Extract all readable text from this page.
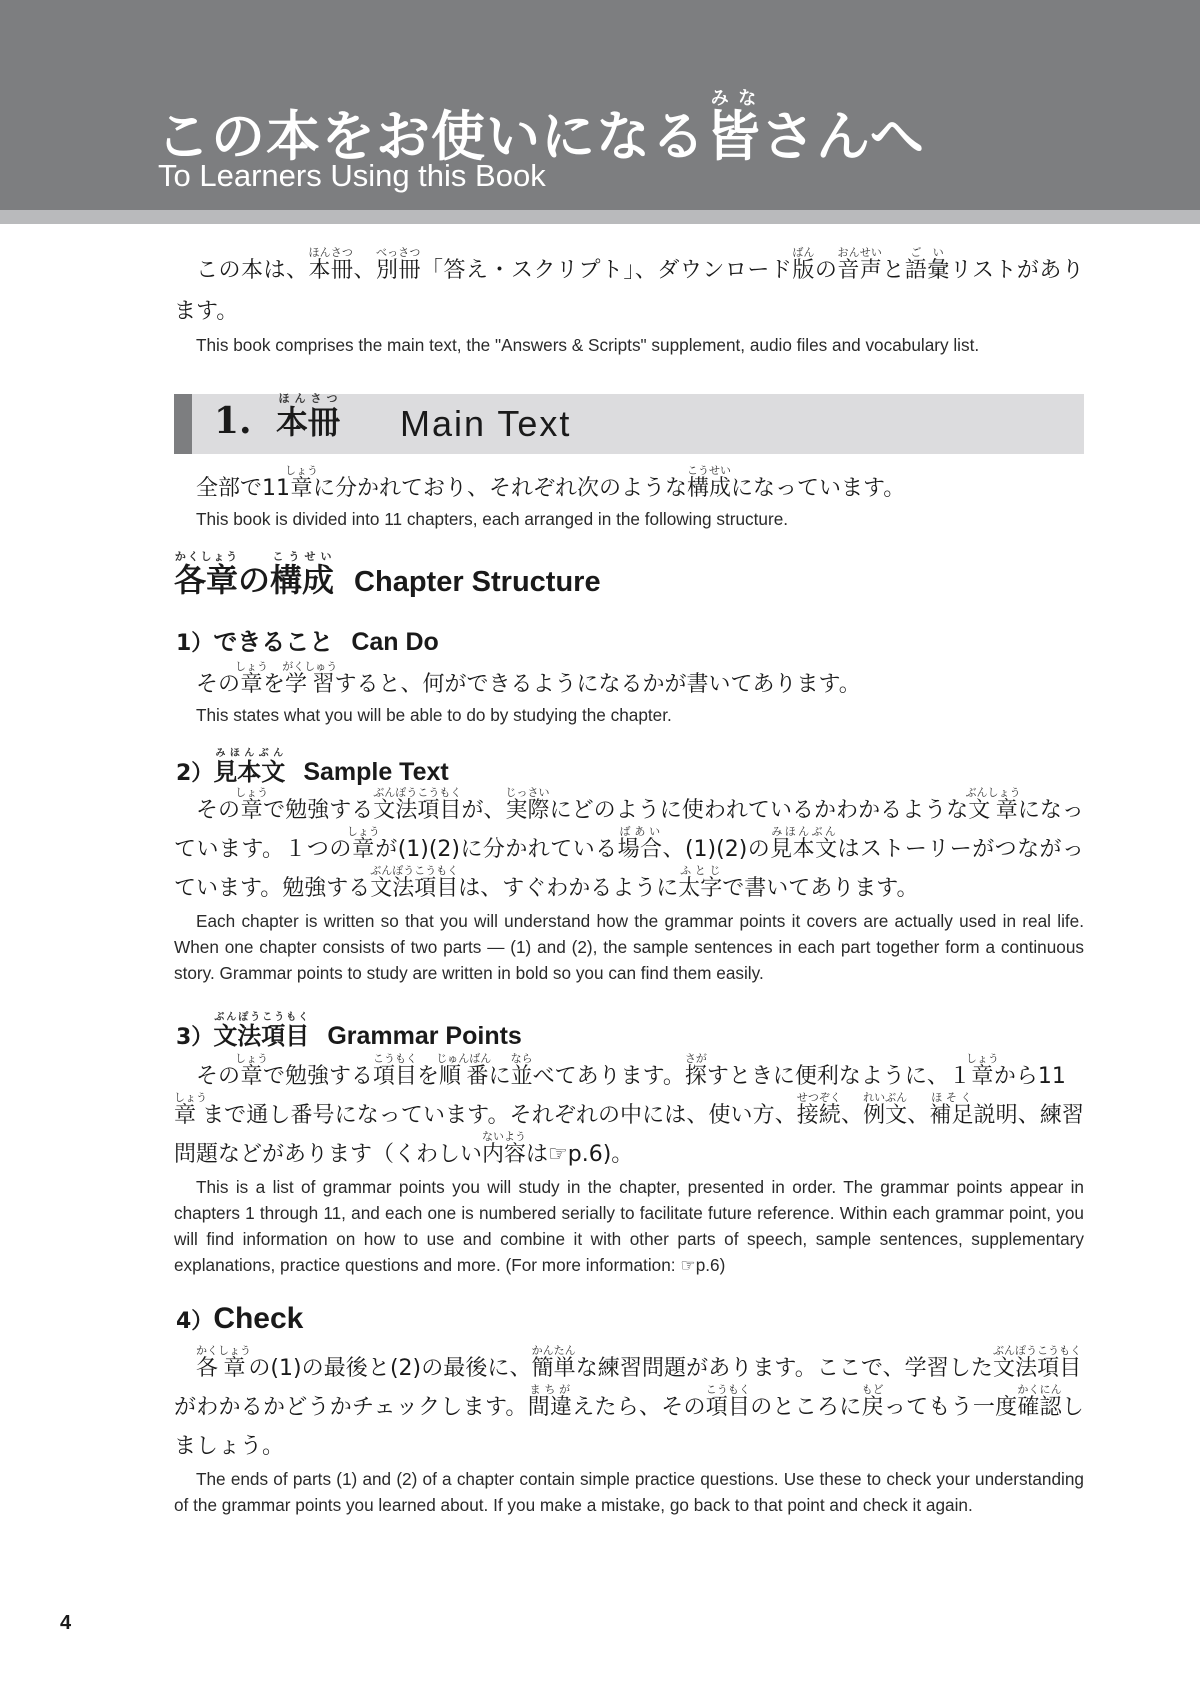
この本をお使いになる皆みなさんへ
To Learners Using this Book

この本は、本冊ほんさつ、別冊べっさつ「答え・スクリプト」、ダウンロード版ばんの音声おんせいと語彙ごいリストがあります。

This book comprises the main text, the "Answers & Scripts" supplement, audio files and vocabulary list.

1. 本冊ほんさつ
Main Text

全部で11章しょうに分かれており、それぞれ次のような構成こうせいになっています。

This book is divided into 11 chapters, each arranged in the following structure.

各章かくしょうの構成こうせいChapter Structure
1）できること Can Do

その章しょうを学習がくしゅうすると、何ができるようになるかが書いてあります。

This states what you will be able to do by studying the chapter.

2）見本文みほんぶんSample Text

その章しょうで勉強する文法項目ぶんぽうこうもくが、実際じっさいにどのように使われているかわかるような文章ぶんしょうになっています。１つの章しょうが(1)(2)に分かれている場合ばあい、(1)(2)の見本文みほんぶんはストーリーがつながっています。勉強する文法項目ぶんぽうこうもくは、すぐわかるように太字ふとじで書いてあります。

Each chapter is written so that you will understand how the grammar points it covers are actually used in real life. When one chapter consists of two parts — (1) and (2), the sample sentences in each part together form a continuous story. Grammar points to study are written in bold so you can find them easily.

3）文法項目ぶんぽうこうもくGrammar Points

その章しょうで勉強する項目こうもくを順番じゅんばんに並ならべてあります。探さがすときに便利なように、１章しょうから11章しょうまで通し番号になっています。それぞれの中には、使い方、接続せつぞく、例文れいぶん、補足ほそく説明、練習問題などがあります（くわしい内容ないようは☞p.6)。

This is a list of grammar points you will study in the chapter, presented in order. The grammar points appear in chapters 1 through 11, and each one is numbered serially to facilitate future reference. Within each grammar point, you will find information on how to use and combine it with other parts of speech, sample sentences, supplementary explanations, practice questions and more. (For more information: ☞p.6)

4）Check

各章かくしょうの(1)の最後と(2)の最後に、簡単かんたんな練習問題があります。ここで、学習した文法項目ぶんぽうこうもくがわかるかどうかチェックします。間違まちがえたら、その項目こうもくのところに戻もどってもう一度確認かくにんしましょう。

The ends of parts (1) and (2) of a chapter contain simple practice questions. Use these to check your understanding of the grammar points you learned about. If you make a mistake, go back to that point and check it again.

4
